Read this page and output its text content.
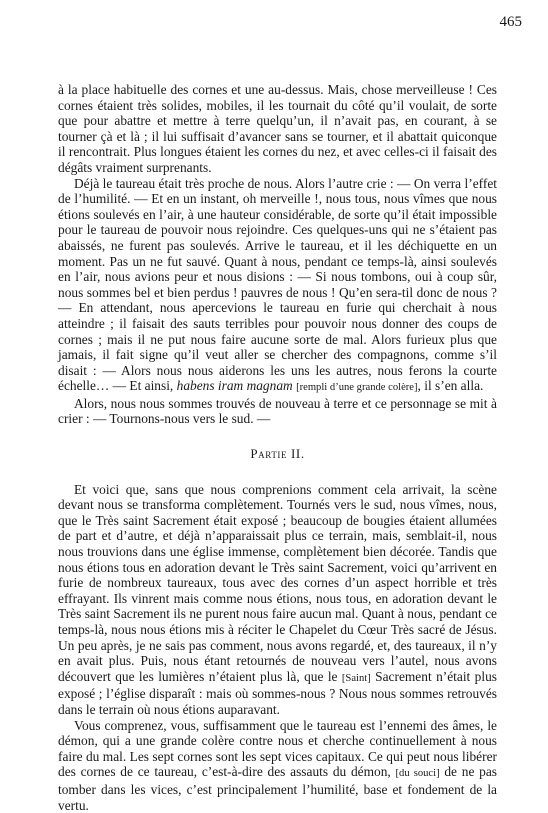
465

à la place habituelle des cornes et une au-dessus. Mais, chose merveilleuse ! Ces cornes étaient très solides, mobiles, il les tournait du côté qu’il voulait, de sorte que pour abattre et mettre à terre quelqu’un, il n’avait pas, en courant, à se tourner çà et là ; il lui suffisait d’avancer sans se tourner, et il abattait quiconque il rencontrait. Plus longues étaient les cornes du nez, et avec celles-ci il faisait des dégâts vraiment surprenants.

Déjà le taureau était très proche de nous. Alors l’autre crie : — On verra l’effet de l’humilité. — Et en un instant, oh merveille !, nous tous, nous vîmes que nous étions soulevés en l’air, à une hauteur considérable, de sorte qu’il était impossible pour le taureau de pouvoir nous rejoindre. Ces quelques-uns qui ne s’étaient pas abaissés, ne furent pas soulevés. Arrive le taureau, et il les déchiquette en un moment. Pas un ne fut sauvé. Quant à nous, pendant ce temps-là, ainsi soulevés en l’air, nous avions peur et nous disions : — Si nous tombons, oui à coup sûr, nous sommes bel et bien perdus ! pauvres de nous ! Qu’en sera-til donc de nous ? — En attendant, nous apercevions le taureau en furie qui cherchait à nous atteindre ; il faisait des sauts terribles pour pouvoir nous donner des coups de cornes ; mais il ne put nous faire aucune sorte de mal. Alors furieux plus que jamais, il fait signe qu’il veut aller se chercher des compagnons, comme s’il disait : — Alors nous nous aiderons les uns les autres, nous ferons la courte échelle… — Et ainsi, habens iram magnam [rempli d’une grande colère], il s’en alla.

Alors, nous nous sommes trouvés de nouveau à terre et ce personnage se mit à crier : — Tournons-nous vers le sud. —

Partie II.

Et voici que, sans que nous comprenions comment cela arrivait, la scène devant nous se transforma complètement. Tournés vers le sud, nous vîmes, nous, que le Très saint Sacrement était exposé ; beaucoup de bougies étaient allumées de part et d’autre, et déjà n’apparaissait plus ce terrain, mais, semblait-il, nous nous trouvions dans une église immense, complètement bien décorée. Tandis que nous étions tous en adoration devant le Très saint Sacrement, voici qu’arrivent en furie de nombreux taureaux, tous avec des cornes d’un aspect horrible et très effrayant. Ils vinrent mais comme nous étions, nous tous, en adoration devant le Très saint Sacrement ils ne purent nous faire aucun mal. Quant à nous, pendant ce temps-là, nous nous étions mis à réciter le Chapelet du Cœur Très sacré de Jésus. Un peu après, je ne sais pas comment, nous avons regardé, et, des taureaux, il n’y en avait plus. Puis, nous étant retournés de nouveau vers l’autel, nous avons découvert que les lumières n’étaient plus là, que le [Saint] Sacrement n’était plus exposé ; l’église disparaît : mais où sommes-nous ? Nous nous sommes retrouvés dans le terrain où nous étions auparavant.

Vous comprenez, vous, suffisamment que le taureau est l’ennemi des âmes, le démon, qui a une grande colère contre nous et cherche continuellement à nous faire du mal. Les sept cornes sont les sept vices capitaux. Ce qui peut nous libérer des cornes de ce taureau, c’est-à-dire des assauts du démon, [du souci] de ne pas tomber dans les vices, c’est principalement l’humilité, base et fondement de la vertu.
